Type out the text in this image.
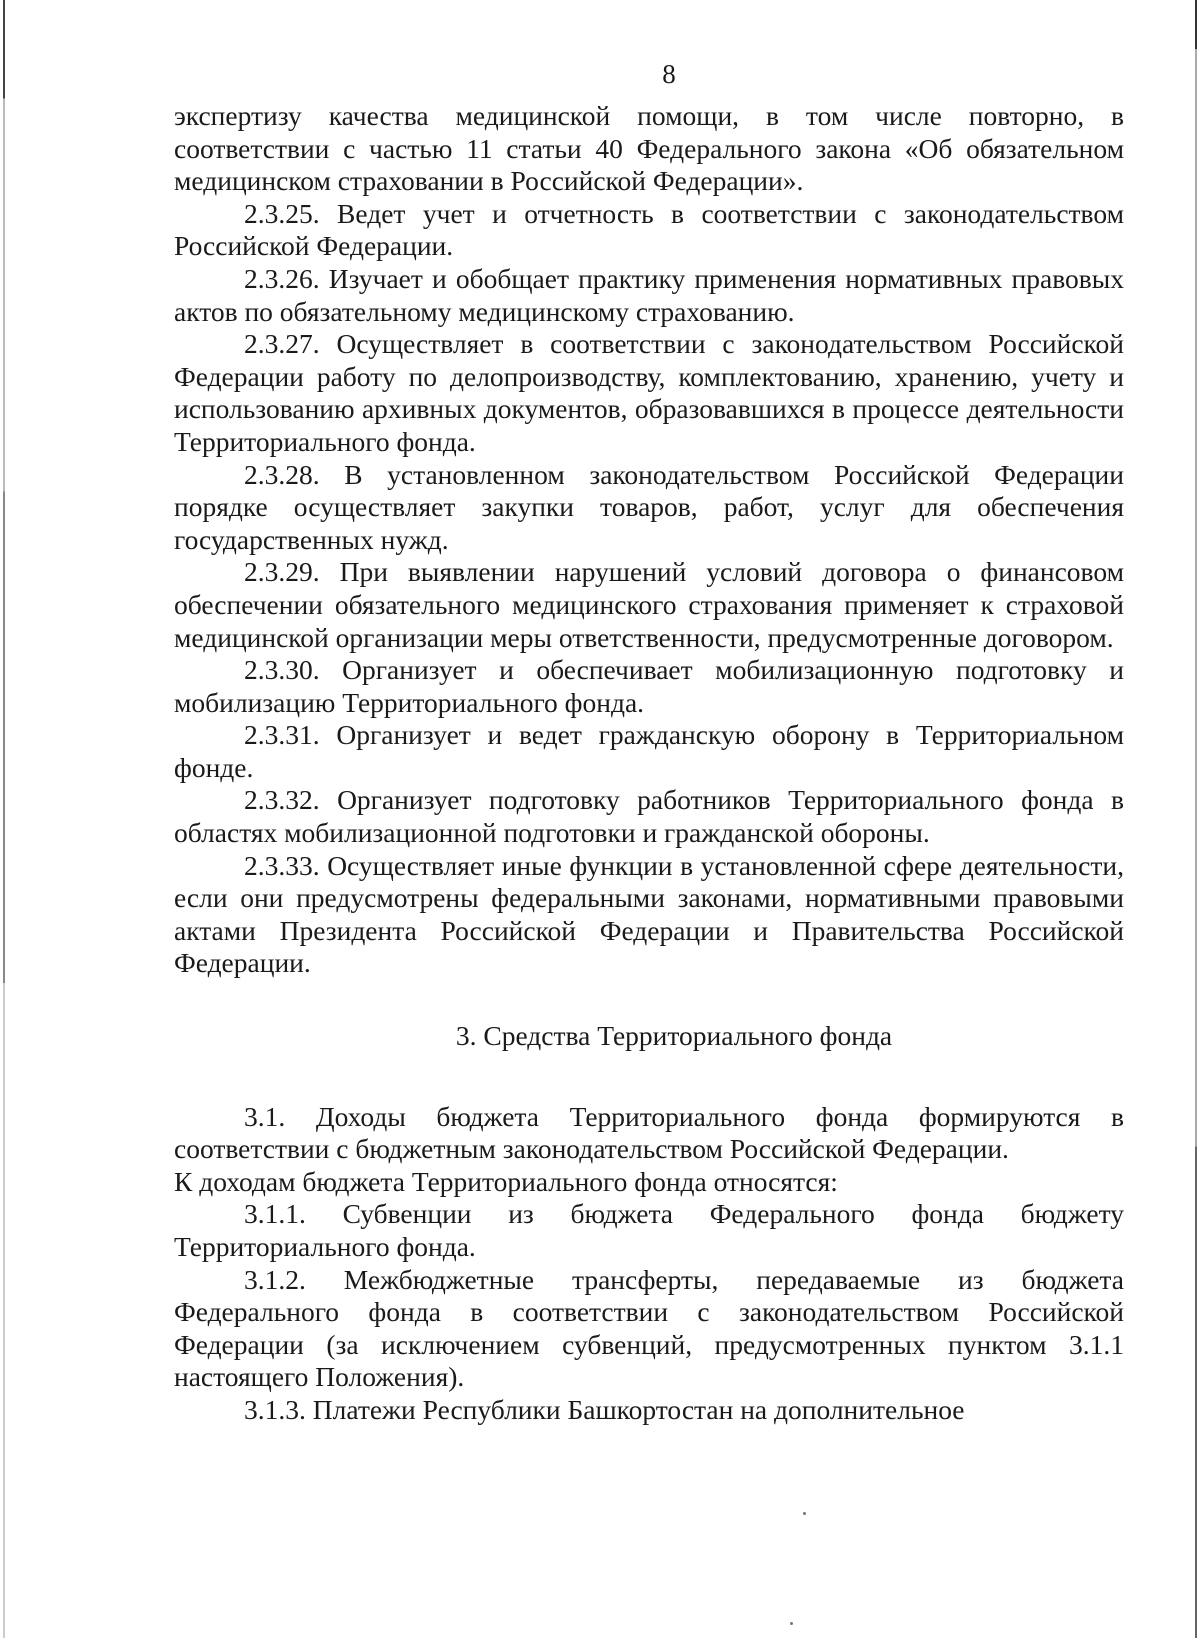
8

экспертизу качества медицинской помощи, в том числе повторно, в соответствии с частью 11 статьи 40 Федерального закона «Об обязательном медицинском страховании в Российской Федерации».

2.3.25. Ведет учет и отчетность в соответствии с законодательством Российской Федерации.

2.3.26. Изучает и обобщает практику применения нормативных правовых актов по обязательному медицинскому страхованию.

2.3.27. Осуществляет в соответствии с законодательством Российской Федерации работу по делопроизводству, комплектованию, хранению, учету и использованию архивных документов, образовавшихся в процессе деятельности Территориального фонда.

2.3.28. В установленном законодательством Российской Федерации порядке осуществляет закупки товаров, работ, услуг для обеспечения государственных нужд.

2.3.29. При выявлении нарушений условий договора о финансовом обеспечении обязательного медицинского страхования применяет к страховой медицинской организации меры ответственности, предусмотренные договором.

2.3.30. Организует и обеспечивает мобилизационную подготовку и мобилизацию Территориального фонда.

2.3.31. Организует и ведет гражданскую оборону в Территориальном фонде.

2.3.32. Организует подготовку работников Территориального фонда в областях мобилизационной подготовки и гражданской обороны.

2.3.33. Осуществляет иные функции в установленной сфере деятельности, если они предусмотрены федеральными законами, нормативными правовыми актами Президента Российской Федерации и Правительства Российской Федерации.

3. Средства Территориального фонда

3.1. Доходы бюджета Территориального фонда формируются в соответствии с бюджетным законодательством Российской Федерации.

К доходам бюджета Территориального фонда относятся:

3.1.1. Субвенции из бюджета Федерального фонда бюджету Территориального фонда.

3.1.2. Межбюджетные трансферты, передаваемые из бюджета Федерального фонда в соответствии с законодательством Российской Федерации (за исключением субвенций, предусмотренных пунктом 3.1.1 настоящего Положения).

3.1.3. Платежи Республики Башкортостан на дополнительное
